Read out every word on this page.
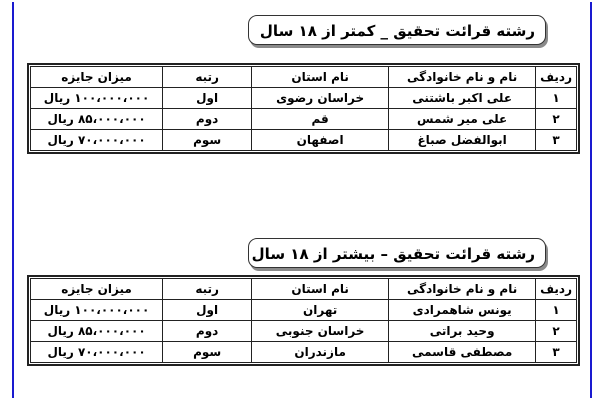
رشته قرائت تحقیق _ کمتر از ۱۸ سال
ردیف	نام و نام خانوادگی	نام استان	رتبه	میزان جایزه
۱	علی اکبر باشتنی	خراسان رضوی	اول	۱۰۰،۰۰۰،۰۰۰ ریال
۲	علی میر شمس	قم	دوم	۸۵،۰۰۰،۰۰۰ ریال
۳	ابوالفضل صباغ	اصفهان	سوم	۷۰،۰۰۰،۰۰۰ ریال
رشته قرائت تحقیق – بیشتر از ۱۸ سال
ردیف	نام و نام خانوادگی	نام استان	رتبه	میزان جایزه
۱	یونس شاهمرادی	تهران	اول	۱۰۰،۰۰۰،۰۰۰ ریال
۲	وحید براتی	خراسان جنوبی	دوم	۸۵،۰۰۰،۰۰۰ ریال
۳	مصطفی قاسمی	مازندران	سوم	۷۰،۰۰۰،۰۰۰ ریال
